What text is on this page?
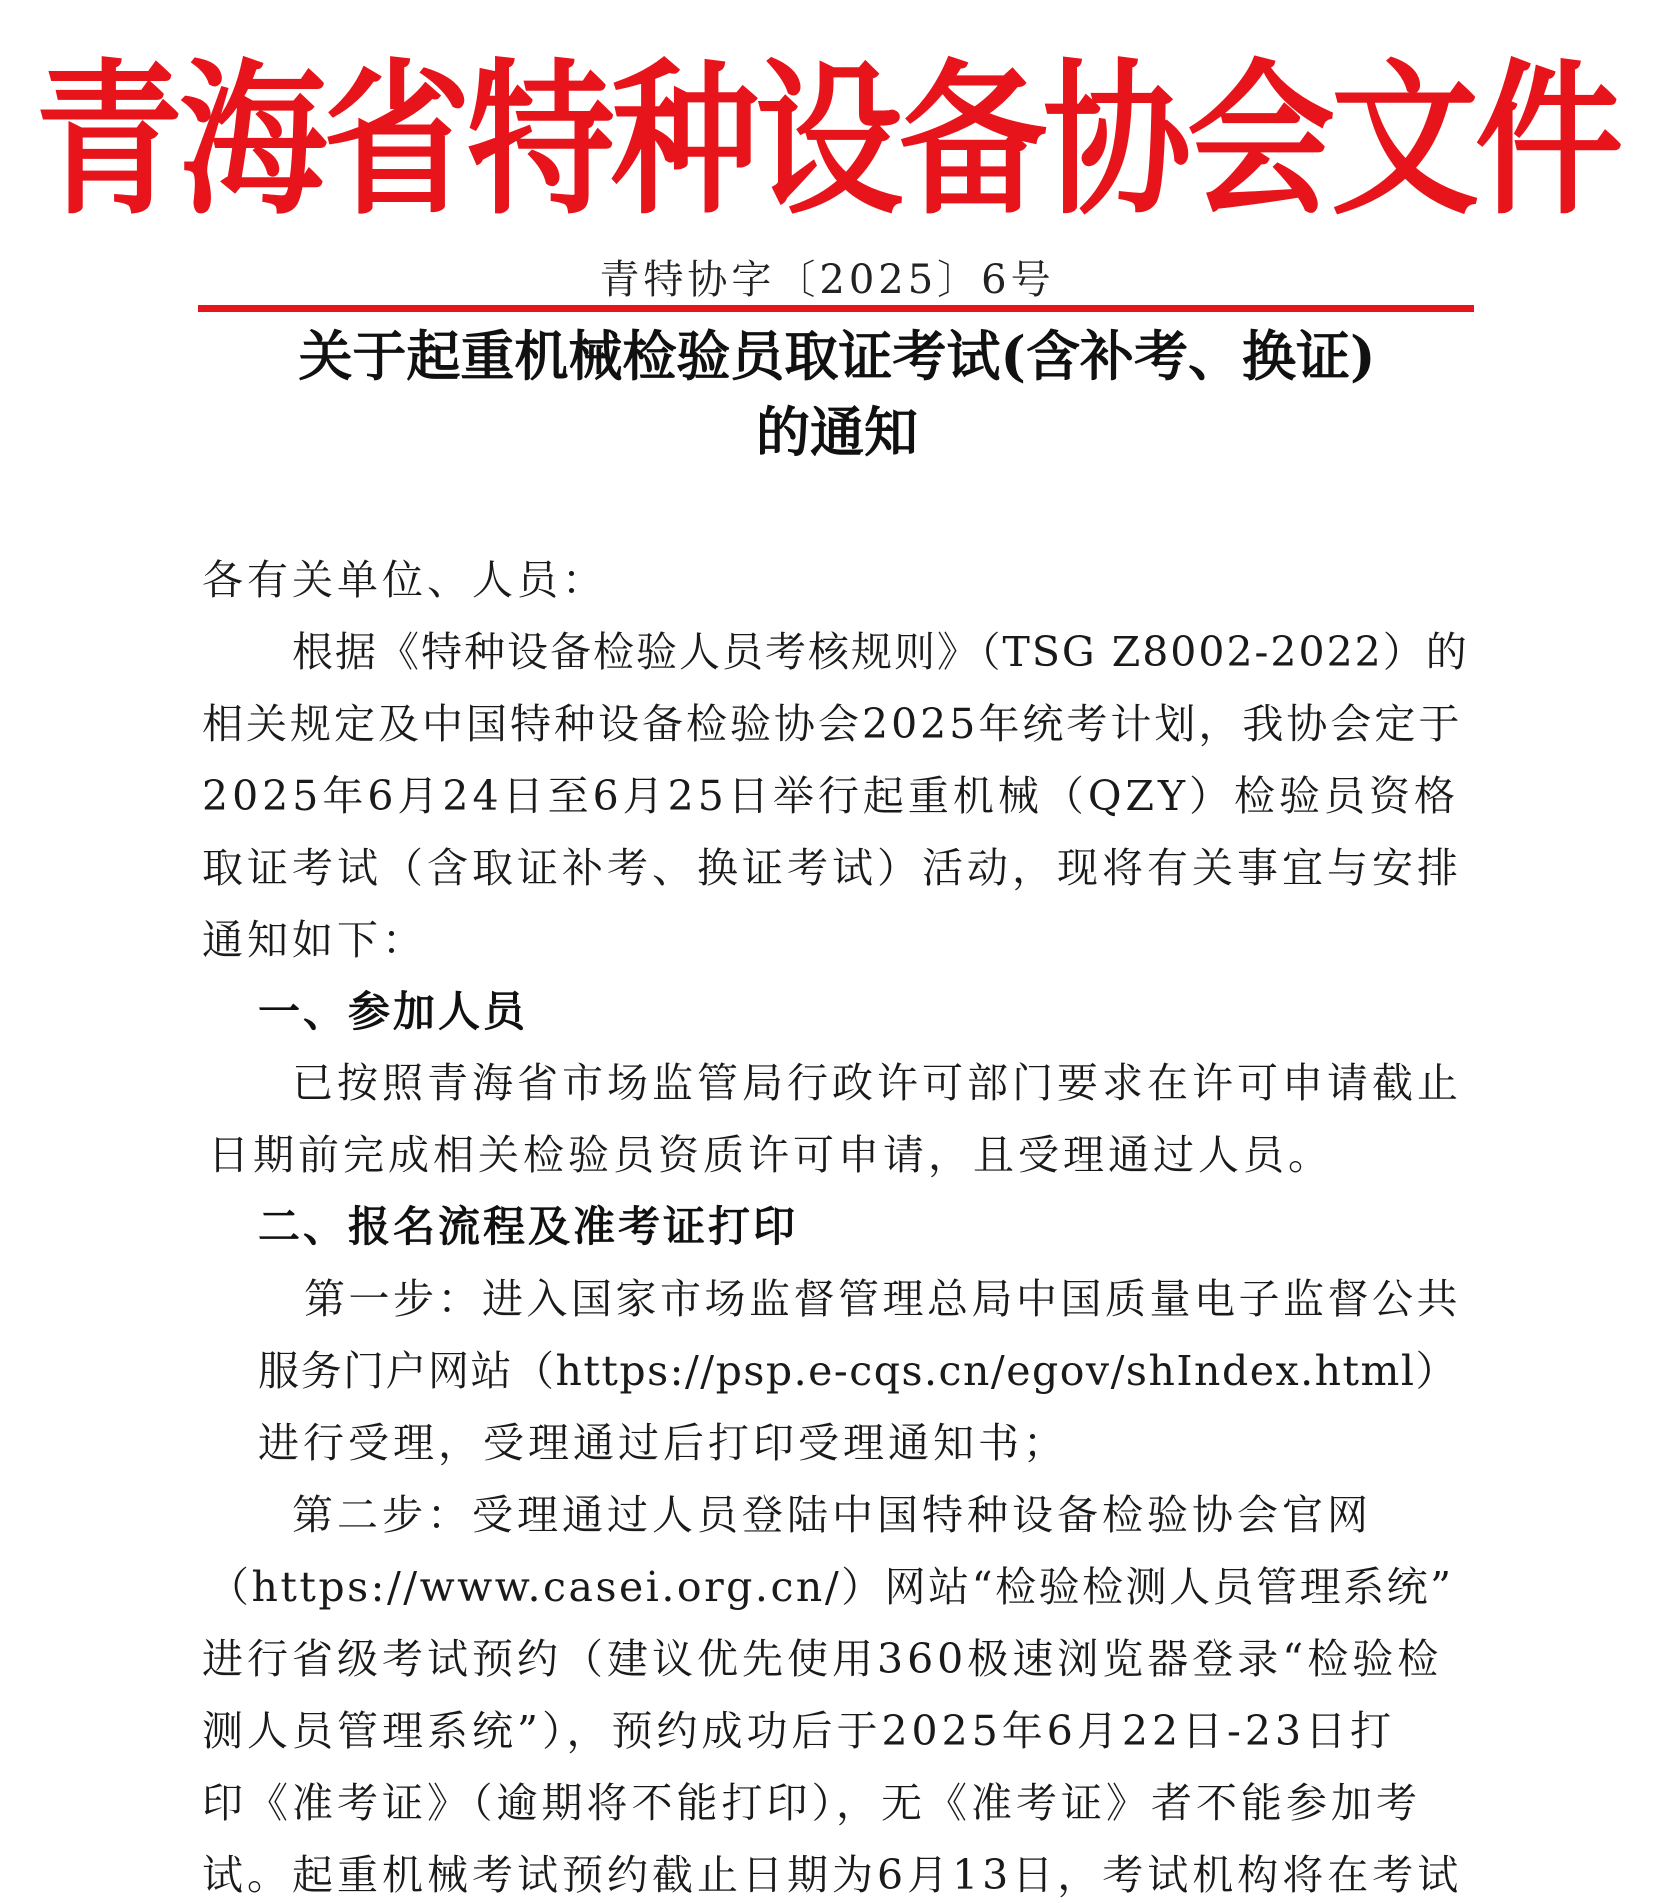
青海省特种设备协会文件
青特协字〔2025〕6号
关于起重机械检验员取证考试(含补考、换证)
的通知
各有关单位、人员：
根据《特种设备检验人员考核规则》（TSG Z8002-2022）的
相关规定及中国特种设备检验协会2025年统考计划，我协会定于
2025年6月24日至6月25日举行起重机械（QZY）检验员资格
取证考试（含取证补考、换证考试）活动，现将有关事宜与安排
通知如下：
一、参加人员
已按照青海省市场监管局行政许可部门要求在许可申请截止
日期前完成相关检验员资质许可申请，且受理通过人员。
二、报名流程及准考证打印
第一步：进入国家市场监督管理总局中国质量电子监督公共
服务门户网站（https://psp.e-cqs.cn/egov/shIndex.html）
进行受理，受理通过后打印受理通知书；
第二步：受理通过人员登陆中国特种设备检验协会官网
（https://www.casei.org.cn/）网站“检验检测人员管理系统”
进行省级考试预约（建议优先使用360极速浏览器登录“检验检
测人员管理系统”），预约成功后于2025年6月22日-23日打
印《准考证》（逾期将不能打印），无《准考证》者不能参加考
试。起重机械考试预约截止日期为6月13日，考试机构将在考试
